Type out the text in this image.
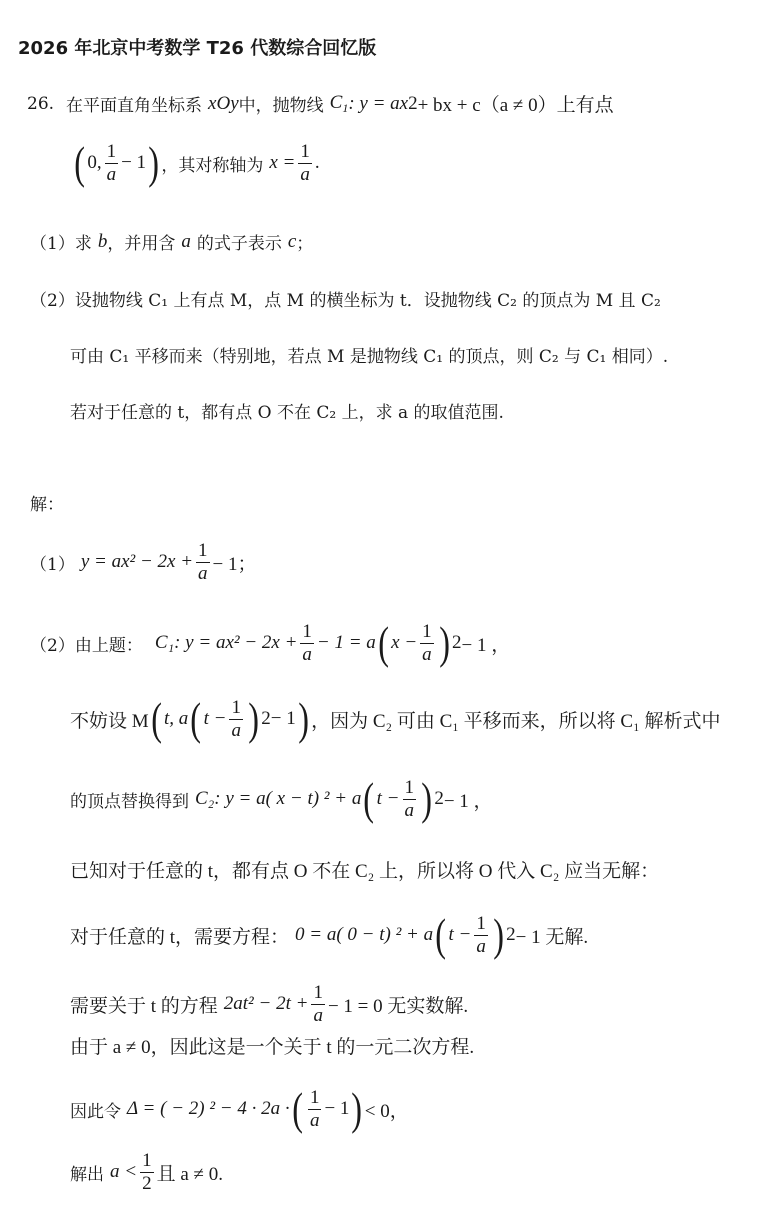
2026 年北京中考数学 T26 代数综合回忆版
26. 在平面直角坐标系 xOy 中，抛物线 $C_1$ : y = ax 2 + bx + c（a ≠ 0）上有点
( 0, $\frac{1}{a} - 1$ ) ，其对称轴为 $x = \frac{1}{a}$ .
（1）求 b ，并用含 a 的式子表示 c ；
（2）设抛物线 C₁ 上有点 M，点 M 的横坐标为 t．设抛物线 C₂ 的顶点为 M 且 C₂
可由 C₁ 平移而来（特别地，若点 M 是抛物线 C₁ 的顶点，则 C₂ 与 C₁ 相同）.
若对于任意的 t，都有点 O 不在 C₂ 上，求 a 的取值范围.
解：
（1） $y = ax^2 - 2x + \frac{1}{a} - 1$；
（2）由上题： C₁: $y = ax^2 - 2x + \frac{1}{a} - 1 = a$ ( $x - \frac{1}{a}$ ) 2 − 1 ，
不妨设 M ( t, a ( $t - \frac{1}{a}$ ) 2 − 1 ) ，因为 C₂ 可由 C₁ 平移而来，所以将 C₁ 解析式中
的顶点替换得到 C₂: y = a( x − t) ² + a ( $t - \frac{1}{a}$ ) 2 − 1 ，
已知对于任意的 t，都有点 O 不在 C₂ 上，所以将 O 代入 C₂ 应当无解：
对于任意的 t，需要方程： 0 = a( 0 − t) ² + a ( $t - \frac{1}{a}$ ) 2 − 1 无解.
需要关于 t 的方程 $2at^2 - 2t + \frac{1}{a} - 1 = 0$ 无实数解.
由于 a ≠ 0，因此这是一个关于 t 的一元二次方程.
因此令 Δ = ( − 2) ² − 4 · 2a · ( $\frac{1}{a} - 1$ ) < 0，
解出 $a < \frac{1}{2}$ 且 a ≠ 0.
